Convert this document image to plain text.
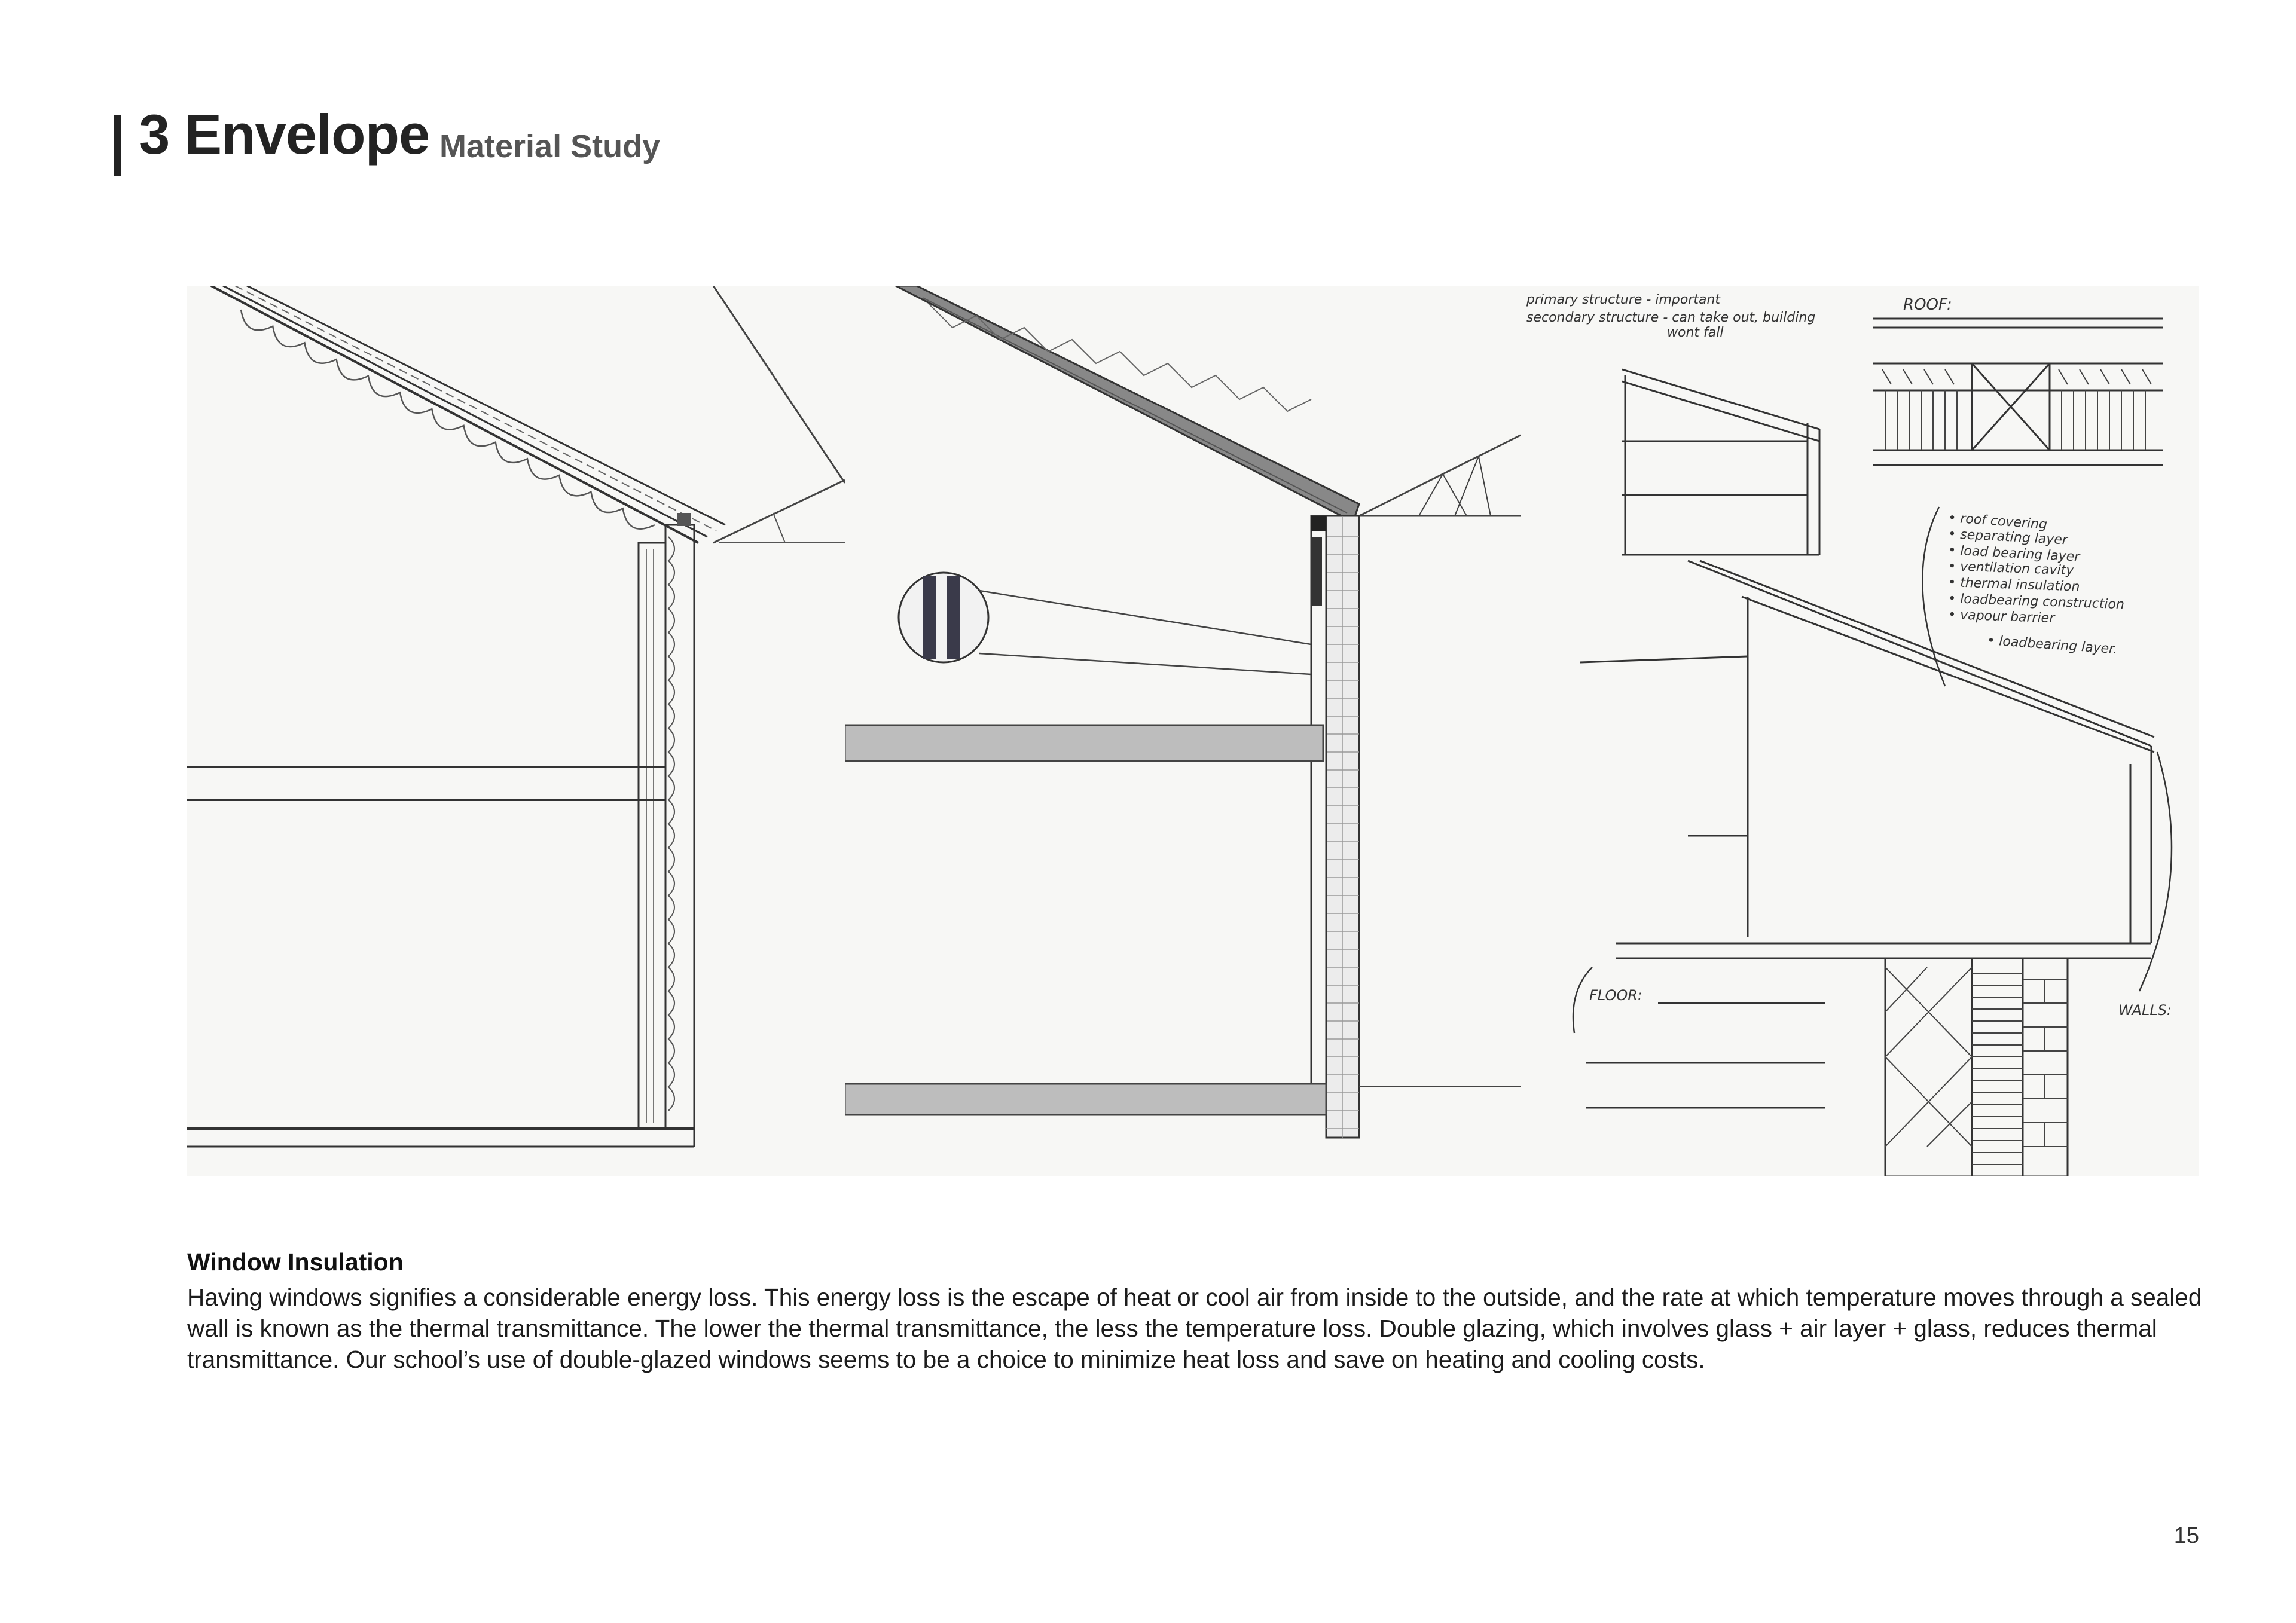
3 Envelope Material Study
primary structure - important
secondary structure - can take out, building
wont fall
ROOF:
• roof covering
• separating layer
• load bearing layer
• ventilation cavity
• thermal insulation
• loadbearing construction
• vapour barrier
• loadbearing layer.
FLOOR:
WALLS:

Window Insulation

Having windows signifies a considerable energy loss. This energy loss is the escape of heat or cool air from inside to the outside, and the rate at which temperature moves through a sealed wall is known as the thermal transmittance. The lower the thermal transmittance, the less the temperature loss. Double glazing, which involves glass + air layer + glass, reduces thermal transmittance. Our school’s use of double-glazed windows seems to be a choice to minimize heat loss and save on heating and cooling costs.

15
